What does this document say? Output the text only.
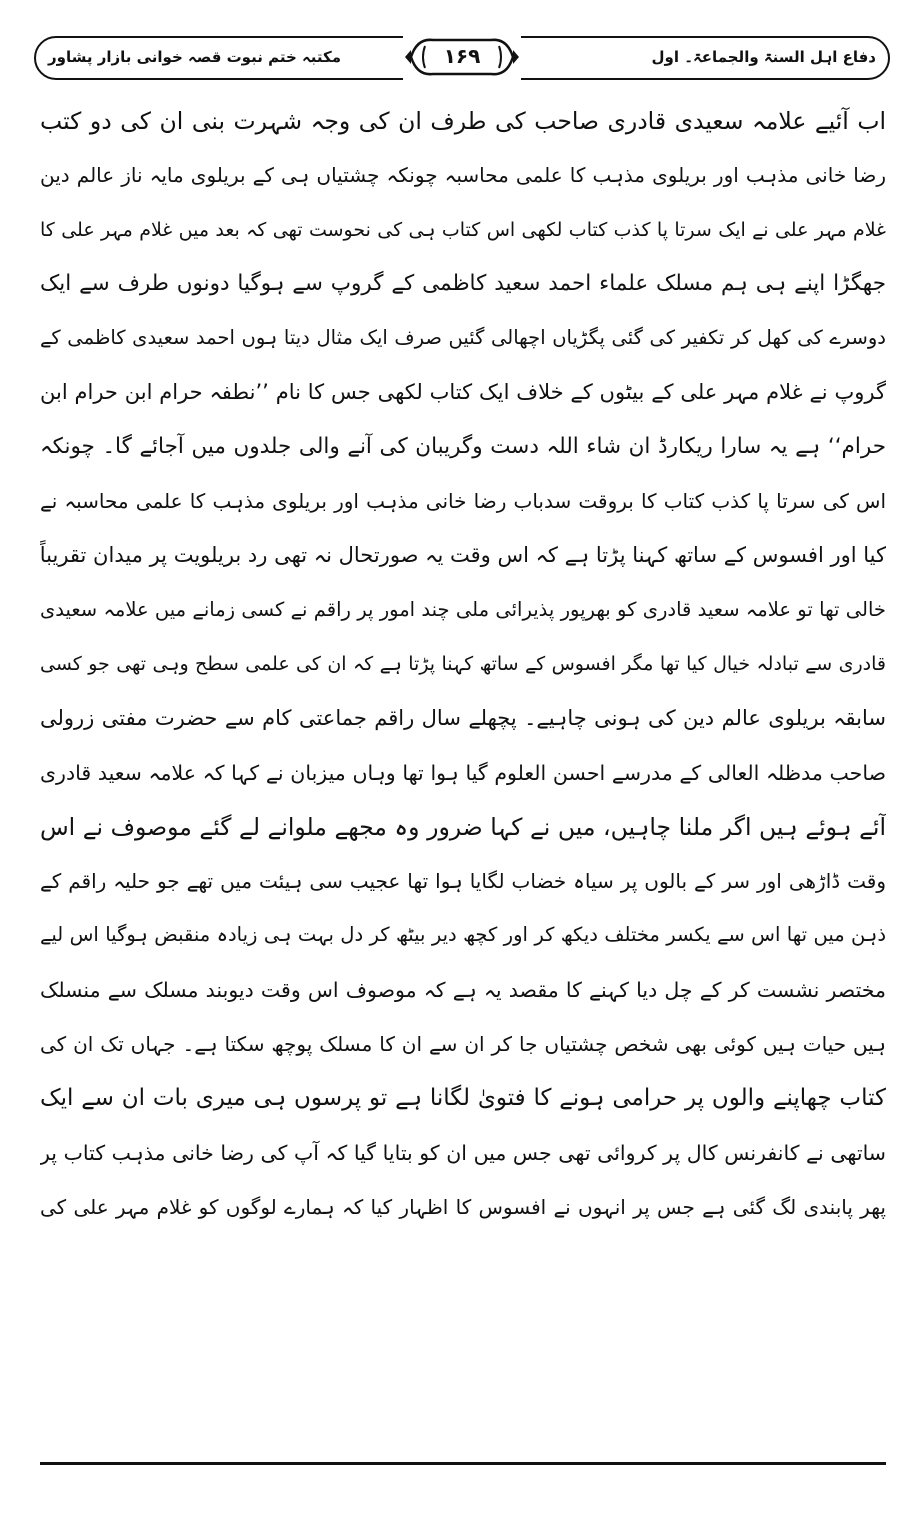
دفاع اہل السنۃ والجماعۃ۔ اول
مکتبہ ختم نبوت قصہ خوانی بازار پشاور	۱۶۹
اب آئیے علامہ سعیدی قادری صاحب کی طرف ان کی وجہ شہرت بنی ان کی دو کتب
رضا خانی مذہب اور بریلوی مذہب کا علمی محاسبہ چونکہ چشتیاں ہی کے بریلوی مایہ ناز عالم دین
غلام مہر علی نے ایک سرتا پا کذب کتاب لکھی اس کتاب ہی کی نحوست تھی کہ بعد میں غلام مہر علی کا
جھگڑا اپنے ہی ہم مسلک علماء احمد سعید کاظمی کے گروپ سے ہوگیا دونوں طرف سے ایک
دوسرے کی کھل کر تکفیر کی گئی پگڑیاں اچھالی گئیں صرف ایک مثال دیتا ہوں احمد سعیدی کاظمی کے
گروپ نے غلام مہر علی کے بیٹوں کے خلاف ایک کتاب لکھی جس کا نام ’’نطفہ حرام ابن حرام ابن
حرام‘‘ ہے یہ سارا ریکارڈ ان شاء اللہ دست وگریبان کی آنے والی جلدوں میں آجائے گا۔ چونکہ
اس کی سرتا پا کذب کتاب کا بروقت سدباب رضا خانی مذہب اور بریلوی مذہب کا علمی محاسبہ نے
کیا اور افسوس کے ساتھ کہنا پڑتا ہے کہ اس وقت یہ صورتحال نہ تھی رد بریلویت پر میدان تقریباً
خالی تھا تو علامہ سعید قادری کو بھرپور پذیرائی ملی چند امور پر راقم نے کسی زمانے میں علامہ سعیدی
قادری سے تبادلہ خیال کیا تھا مگر افسوس کے ساتھ کہنا پڑتا ہے کہ ان کی علمی سطح وہی تھی جو کسی
سابقہ بریلوی عالم دین کی ہونی چاہیے۔ پچھلے سال راقم جماعتی کام سے حضرت مفتی زرولی
صاحب مدظلہ العالی کے مدرسے احسن العلوم گیا ہوا تھا وہاں میزبان نے کہا کہ علامہ سعید قادری
آئے ہوئے ہیں اگر ملنا چاہیں، میں نے کہا ضرور وہ مجھے ملوانے لے گئے موصوف نے اس
وقت ڈاڑھی اور سر کے بالوں پر سیاہ خضاب لگایا ہوا تھا عجیب سی ہیئت میں تھے جو حلیہ راقم کے
ذہن میں تھا اس سے یکسر مختلف دیکھ کر اور کچھ دیر بیٹھ کر دل بہت ہی زیادہ منقبض ہوگیا اس لیے
مختصر نشست کر کے چل دیا کہنے کا مقصد یہ ہے کہ موصوف اس وقت دیوبند مسلک سے منسلک
ہیں حیات ہیں کوئی بھی شخص چشتیاں جا کر ان سے ان کا مسلک پوچھ سکتا ہے۔ جہاں تک ان کی
کتاب چھاپنے والوں پر حرامی ہونے کا فتویٰ لگانا ہے تو پرسوں ہی میری بات ان سے ایک
ساتھی نے کانفرنس کال پر کروائی تھی جس میں ان کو بتایا گیا کہ آپ کی رضا خانی مذہب کتاب پر
پھر پابندی لگ گئی ہے جس پر انہوں نے افسوس کا اظہار کیا کہ ہمارے لوگوں کو غلام مہر علی کی
